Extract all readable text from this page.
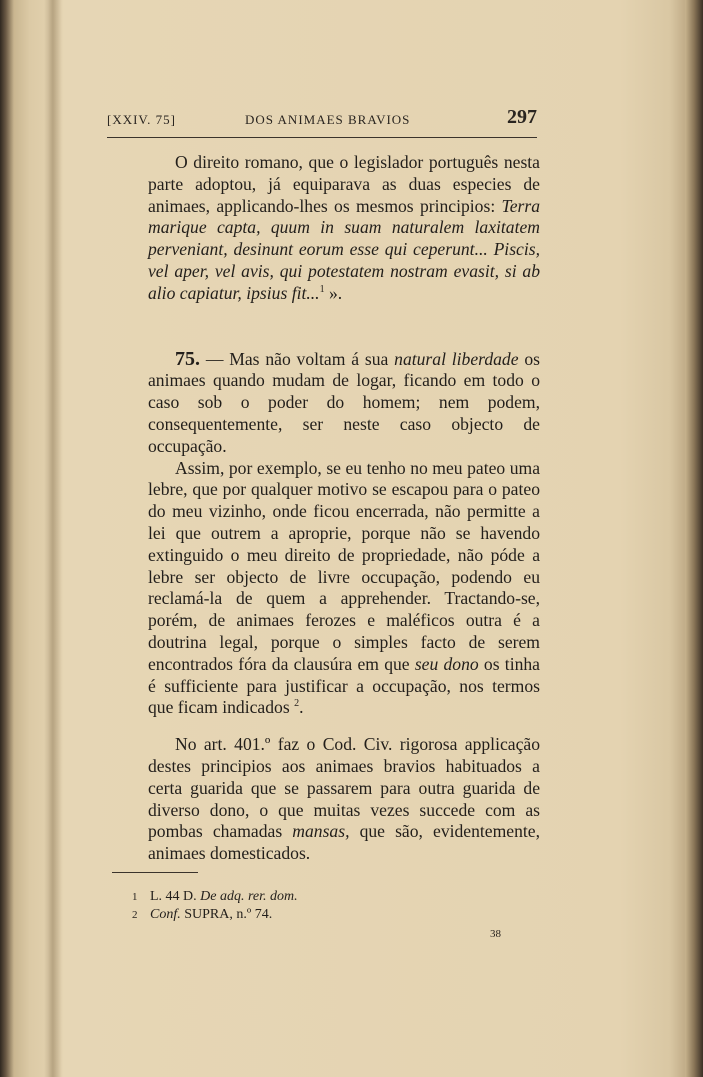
[XXIV. 75]	DOS ANIMAES BRAVIOS	297

O direito romano, que o legislador português nesta parte adoptou, já equiparava as duas especies de animaes, applicando-lhes os mesmos principios: Terra marique capta, quum in suam naturalem laxitatem perveniant, desinunt eorum esse qui ceperunt... Piscis, vel aper, vel avis, qui potestatem nostram evasit, si ab alio capiatur, ipsius fit...$^1$ ».

75. — Mas não voltam á sua natural liberdade os animaes quando mudam de logar, ficando em todo o caso sob o poder do homem; nem podem, consequentemente, ser neste caso objecto de occupação.

Assim, por exemplo, se eu tenho no meu pateo uma lebre, que por qualquer motivo se escapou para o pateo do meu vizinho, onde ficou encerrada, não permitte a lei que outrem a aproprie, porque não se havendo extinguido o meu direito de propriedade, não póde a lebre ser objecto de livre occupação, podendo eu reclamá-la de quem a apprehender. Tractando-se, porém, de animaes ferozes e maléficos outra é a doutrina legal, porque o simples facto de serem encontrados fóra da clausúra em que seu dono os tinha é sufficiente para justificar a occupação, nos termos que ficam indicados $^2$.

No art. 401.º faz o Cod. Civ. rigorosa applicação destes principios aos animaes bravios habituados a certa guarida que se passarem para outra guarida de diverso dono, o que muitas vezes succede com as pombas chamadas mansas, que são, evidentemente, animaes domesticados.

1 L. 44 D. De adq. rer. dom.
2 Conf. SUPRA, n.º 74.
38
